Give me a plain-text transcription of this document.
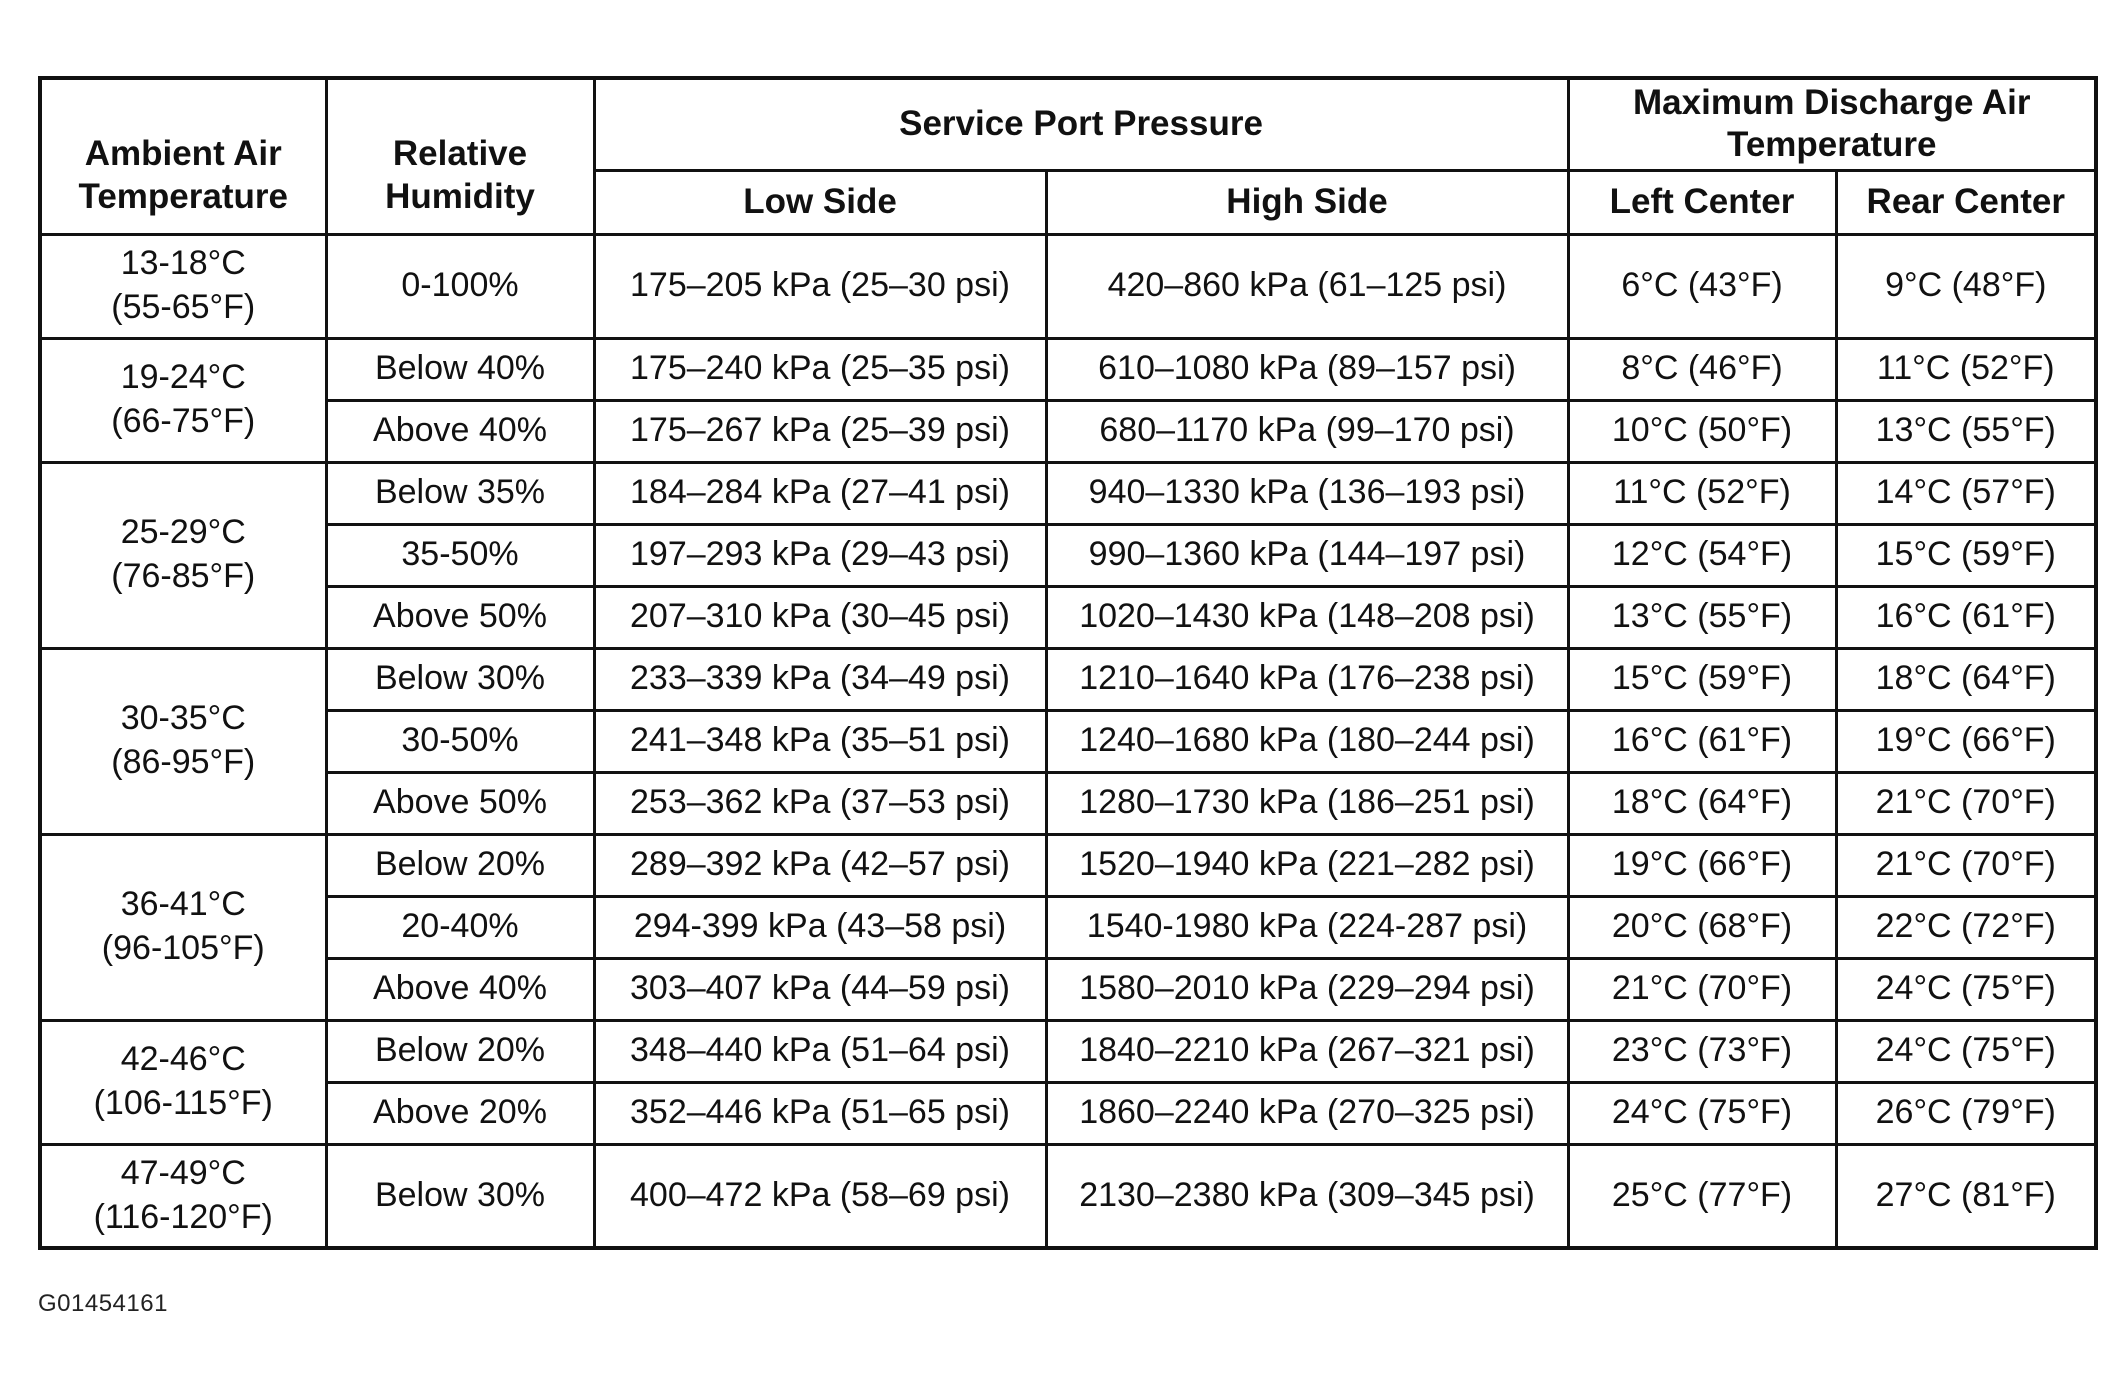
Ambient Air Temperature	Relative Humidity	Service Port Pressure		Maximum Discharge Air Temperature	
		Low Side	High Side	Left Center	Rear Center

13-18°C
(55-65°F)	0-100%	175–205 kPa (25–30 psi)	420–860 kPa (61–125 psi)	6°C (43°F)	9°C (48°F)

19-24°C
(66-75°F)	Below 40%	175–240 kPa (25–35 psi)	610–1080 kPa (89–157 psi)	8°C (46°F)	11°C (52°F)
	Above 40%	175–267 kPa (25–39 psi)	680–1170 kPa (99–170 psi)	10°C (50°F)	13°C (55°F)

25-29°C
(76-85°F)	Below 35%	184–284 kPa (27–41 psi)	940–1330 kPa (136–193 psi)	11°C (52°F)	14°C (57°F)
	35-50%	197–293 kPa (29–43 psi)	990–1360 kPa (144–197 psi)	12°C (54°F)	15°C (59°F)
	Above 50%	207–310 kPa (30–45 psi)	1020–1430 kPa (148–208 psi)	13°C (55°F)	16°C (61°F)

30-35°C
(86-95°F)	Below 30%	233–339 kPa (34–49 psi)	1210–1640 kPa (176–238 psi)	15°C (59°F)	18°C (64°F)
	30-50%	241–348 kPa (35–51 psi)	1240–1680 kPa (180–244 psi)	16°C (61°F)	19°C (66°F)
	Above 50%	253–362 kPa (37–53 psi)	1280–1730 kPa (186–251 psi)	18°C (64°F)	21°C (70°F)

36-41°C
(96-105°F)	Below 20%	289–392 kPa (42–57 psi)	1520–1940 kPa (221–282 psi)	19°C (66°F)	21°C (70°F)
	20-40%	294-399 kPa (43–58 psi)	1540-1980 kPa (224-287 psi)	20°C (68°F)	22°C (72°F)
	Above 40%	303–407 kPa (44–59 psi)	1580–2010 kPa (229–294 psi)	21°C (70°F)	24°C (75°F)

42-46°C
(106-115°F)	Below 20%	348–440 kPa (51–64 psi)	1840–2210 kPa (267–321 psi)	23°C (73°F)	24°C (75°F)
	Above 20%	352–446 kPa (51–65 psi)	1860–2240 kPa (270–325 psi)	24°C (75°F)	26°C (79°F)

47-49°C
(116-120°F)	Below 30%	400–472 kPa (58–69 psi)	2130–2380 kPa (309–345 psi)	25°C (77°F)	27°C (81°F)
G01454161
